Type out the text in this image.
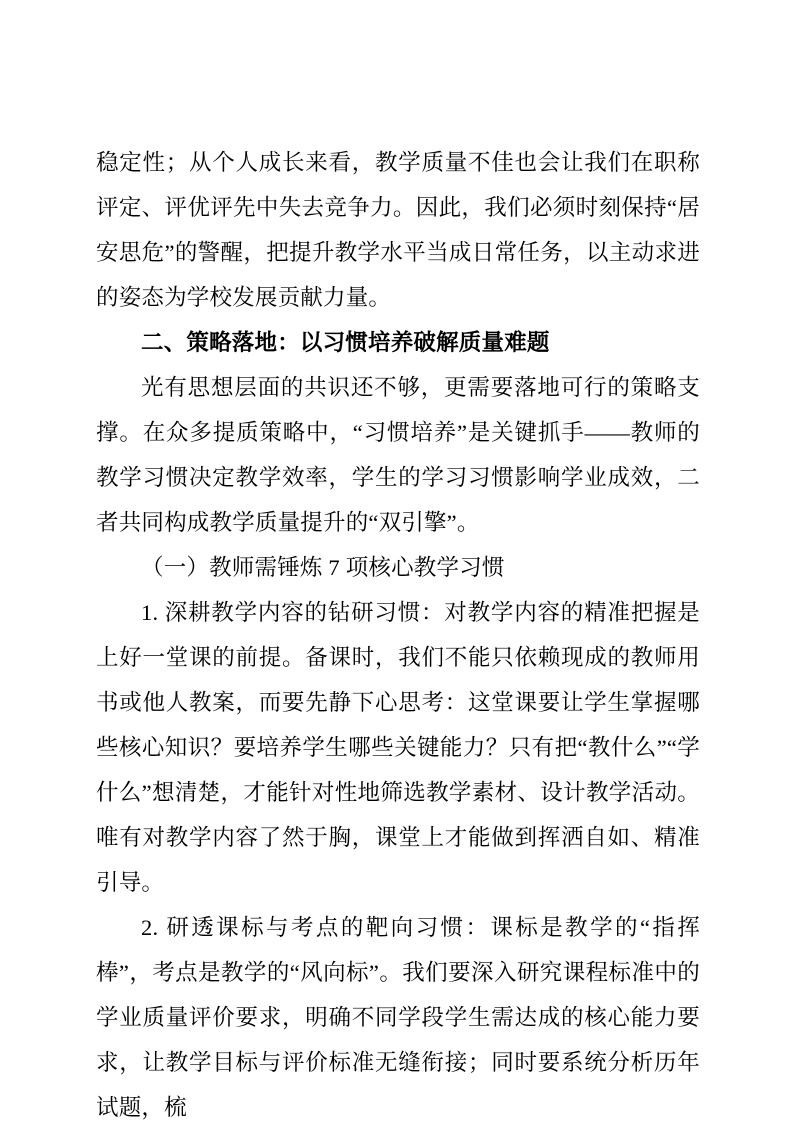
稳定性；从个人成长来看，教学质量不佳也会让我们在职称评定、评优评先中失去竞争力。因此，我们必须时刻保持“居安思危”的警醒，把提升教学水平当成日常任务，以主动求进的姿态为学校发展贡献力量。

二、策略落地：以习惯培养破解质量难题

光有思想层面的共识还不够，更需要落地可行的策略支撑。在众多提质策略中，“习惯培养”是关键抓手——教师的教学习惯决定教学效率，学生的学习习惯影响学业成效，二者共同构成教学质量提升的“双引擎”。

（一）教师需锤炼 7 项核心教学习惯

1. 深耕教学内容的钻研习惯：对教学内容的精准把握是上好一堂课的前提。备课时，我们不能只依赖现成的教师用书或他人教案，而要先静下心思考：这堂课要让学生掌握哪些核心知识？要培养学生哪些关键能力？只有把“教什么”“学什么”想清楚，才能针对性地筛选教学素材、设计教学活动。唯有对教学内容了然于胸，课堂上才能做到挥洒自如、精准引导。

2. 研透课标与考点的靶向习惯：课标是教学的“指挥棒”，考点是教学的“风向标”。我们要深入研究课程标准中的学业质量评价要求，明确不同学段学生需达成的核心能力要求，让教学目标与评价标准无缝衔接；同时要系统分析历年试题，梳
